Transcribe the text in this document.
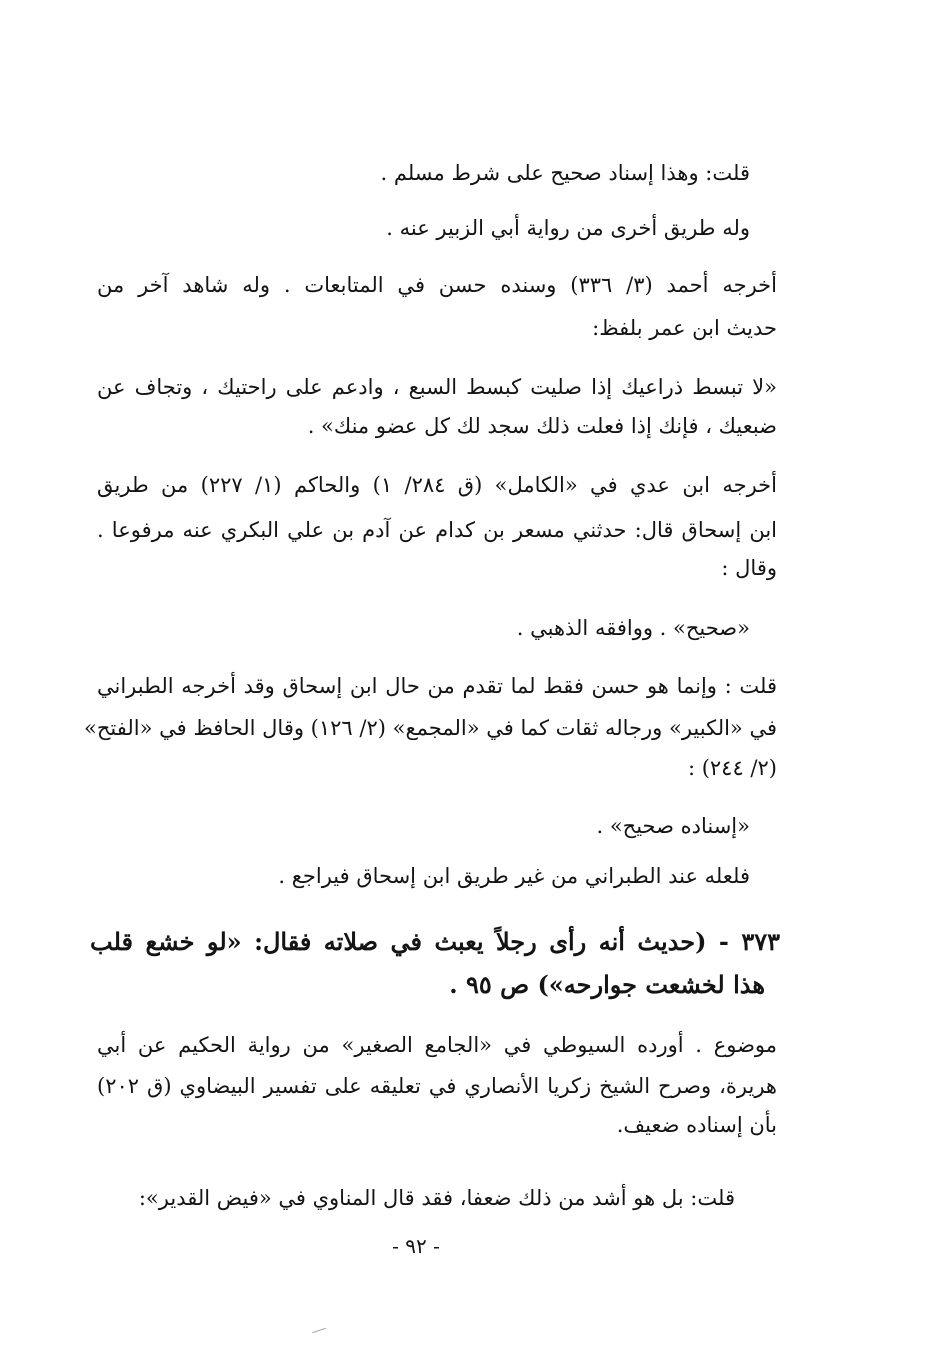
قلت: وهذا إسناد صحيح على شرط مسلم .
وله طريق أخرى من رواية أبي الزبير عنه .
أخرجه أحمد (٣/ ٣٣٦) وسنده حسن في المتابعات . وله شاهد آخر من
حديث ابن عمر بلفظ:
«لا تبسط ذراعيك إذا صليت كبسط السبع ، وادعم على راحتيك ، وتجاف عن
ضبعيك ، فإنك إذا فعلت ذلك سجد لك كل عضو منك» .
أخرجه ابن عدي في «الكامل» (ق ٢٨٤/ ١) والحاكم (١/ ٢٢٧) من طريق
ابن إسحاق قال: حدثني مسعر بن كدام عن آدم بن علي البكري عنه مرفوعا .
وقال :
«صحيح» . ووافقه الذهبي .
قلت : وإنما هو حسن فقط لما تقدم من حال ابن إسحاق وقد أخرجه الطبراني
في «الكبير» ورجاله ثقات كما في «المجمع» (٢/ ١٢٦) وقال الحافظ في «الفتح»
(٢/ ٢٤٤) :
«إسناده صحيح» .
فلعله عند الطبراني من غير طريق ابن إسحاق فيراجع .
٣٧٣ - (حديث أنه رأى رجلاً يعبث في صلاته فقال: «لو خشع قلب
هذا لخشعت جوارحه») ص ٩٥ .
موضوع . أورده السيوطي في «الجامع الصغير» من رواية الحكيم عن أبي
هريرة، وصرح الشيخ زكريا الأنصاري في تعليقه على تفسير البيضاوي (ق ٢٠٢)
بأن إسناده ضعيف.
قلت: بل هو أشد من ذلك ضعفا، فقد قال المناوي في «فيض القدير»:
- ٩٢ -
